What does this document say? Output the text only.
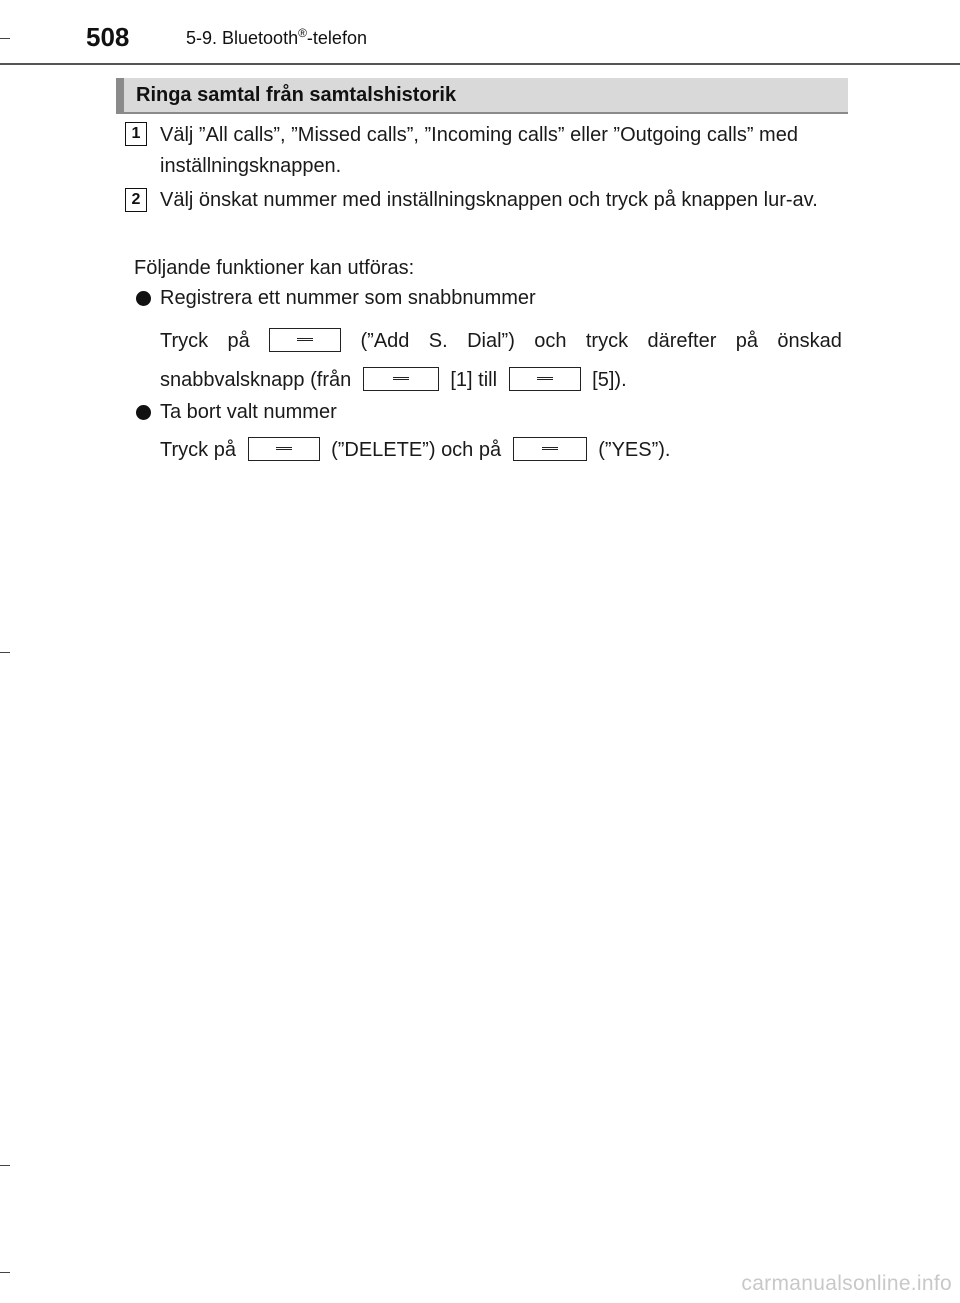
508	5-9. Bluetooth®-telefon
Ringa samtal från samtalshistorik
1 Välj ”All calls”, ”Missed calls”, ”Incoming calls” eller ”Outgoing calls” med inställningsknappen.
2 Välj önskat nummer med inställningsknappen och tryck på knappen lur-av.
Följande funktioner kan utföras:
Registrera ett nummer som snabbnummer
Tryck på	(”Add S. Dial”) och tryck därefter på önskad
snabbvalsknapp (från	[1] till	[5]).
Ta bort valt nummer
Tryck på	(”DELETE”) och på	(”YES”).
carmanualsonline.info
